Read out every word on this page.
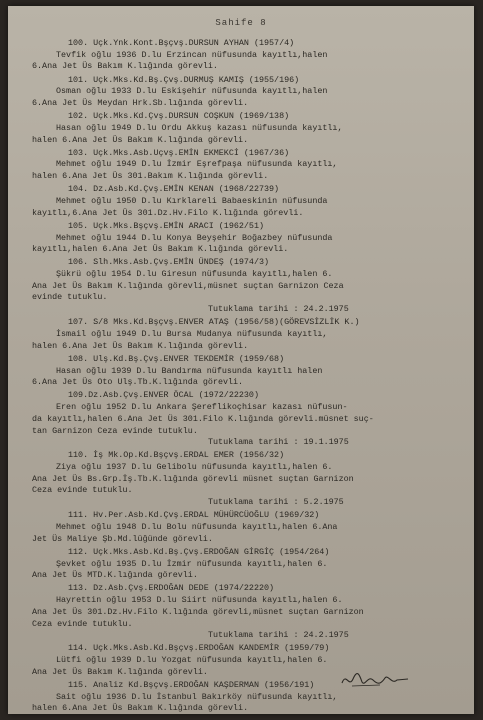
Sahife 8
100. Uçk.Ynk.Kont.Bşçvş.DURSUN AYHAN (1957/4)
Tevfik oğlu 1936 D.lu Erzincan nüfusunda kayıtlı,halen
6.Ana Jet Üs Bakım K.lığında görevli.
101. Uçk.Mks.Kd.Bş.Çvş.DURMUŞ KAMIŞ (1955/196)
Osman oğlu 1933 D.lu Eskişehir nüfusunda kayıtlı,halen
6.Ana Jet Üs Meydan Hrk.Sb.lığında görevli.
102. Uçk.Mks.Kd.Çvş.DURSUN COŞKUN (1969/138)
Hasan oğlu 1949 D.lu Ordu Akkuş kazası nüfusunda kayıtlı,
halen 6.Ana Jet Üs Bakım K.lığında görevli.
103. Uçk.Mks.Asb.Uçvş.EMİN EKMEKCİ (1967/36)
Mehmet oğlu 1949 D.lu İzmir Eşrefpaşa nüfusunda kayıtlı,
halen 6.Ana Jet Üs 301.Bakım K.lığında görevli.
104. Dz.Asb.Kd.Çvş.EMİN KENAN (1968/22739)
Mehmet oğlu 1950 D.lu Kırklareli Babaeskinin nüfusunda
kayıtlı,6.Ana Jet Üs 301.Dz.Hv.Filo K.lığında görevli.
105. Uçk.Mks.Bşçvş.EMİN ARACI (1962/51)
Mehmet oğlu 1944 D.lu Konya Beyşehir Boğazbey nüfusunda
kayıtlı,halen 6.Ana Jet Üs Bakım K.lığında görevli.
106. Slh.Mks.Asb.Çvş.EMİN ÜNDEŞ (1974/3)
Şükrü oğlu 1954 D.lu Giresun nüfusunda kayıtlı,halen 6.
Ana Jet Üs Bakım K.lığında görevli,müsnet suçtan Garnizon Ceza
evinde tutuklu.
Tutuklama tarihi : 24.2.1975
107. S/8 Mks.Kd.Bşçvş.ENVER ATAŞ (1956/58)(GÖREVSİZLİK K.)
İsmail oğlu 1949 D.lu Bursa Mudanya nüfusunda kayıtlı,
halen 6.Ana Jet Üs Bakım K.lığında görevli.
108. Ulş.Kd.Bş.Çvş.ENVER TEKDEMİR (1959/68)
Hasan oğlu 1939 D.lu Bandırma nüfusunda kayıtlı halen
6.Ana Jet Üs Oto Ulş.Tb.K.lığında görevli.
109.Dz.Asb.Çvş.ENVER ÖCAL (1972/22230)
Eren oğlu 1952 D.lu Ankara Şereflikoçhisar kazası nüfusun-
da kayıtlı,halen 6.Ana Jet Üs 301.Filo K.lığında görevli.müsnet suç-
tan Garnizon Ceza evinde tutuklu.
Tutuklama tarihi : 19.1.1975
110. İş Mk.Op.Kd.Bşçvş.ERDAL EMER (1956/32)
Ziya oğlu 1937 D.lu Gelibolu nüfusunda kayıtlı,halen 6.
Ana Jet Üs Bs.Grp.İş.Tb.K.lığında görevli müsnet suçtan Garnizon
Ceza evinde tutuklu.
Tutuklama tarihi : 5.2.1975
111. Hv.Per.Asb.Kd.Çvş.ERDAL MÜHÜRCÜOĞLU (1969/32)
Mehmet oğlu 1948 D.lu Bolu nüfusunda kayıtlı,halen 6.Ana
Jet Üs Maliye Şb.Md.lüğünde görevli.
112. Uçk.Mks.Asb.Kd.Bş.Çvş.ERDOĞAN GİRGİÇ (1954/264)
Şevket oğlu 1935 D.lu İzmir nüfusunda kayıtlı,halen 6.
Ana Jet Üs MTD.K.lığında görevli.
113. Dz.Asb.Çvş.ERDOĞAN DEDE (1974/22220)
Hayrettin oğlu 1953 D.lu Siirt nüfusunda kayıtlı,halen 6.
Ana Jet Üs 301.Dz.Hv.Filo K.lığında görevli,müsnet suçtan Garnizon
Ceza evinde tutuklu.
Tutuklama tarihi : 24.2.1975
114. Uçk.Mks.Asb.Kd.Bşçvş.ERDOĞAN KANDEMİR (1959/79)
Lütfi oğlu 1939 D.lu Yozgat nüfusunda kayıtlı,halen 6.
Ana Jet Üs Bakım K.lığında görevli.
115. Analiz Kd.Bşçvş.ERDOĞAN KAŞDERMAN (1956/191)
Sait oğlu 1936 D.lu İstanbul Bakırköy nüfusunda kayıtlı,
halen 6.Ana Jet Üs Bakım K.lığında görevli.
